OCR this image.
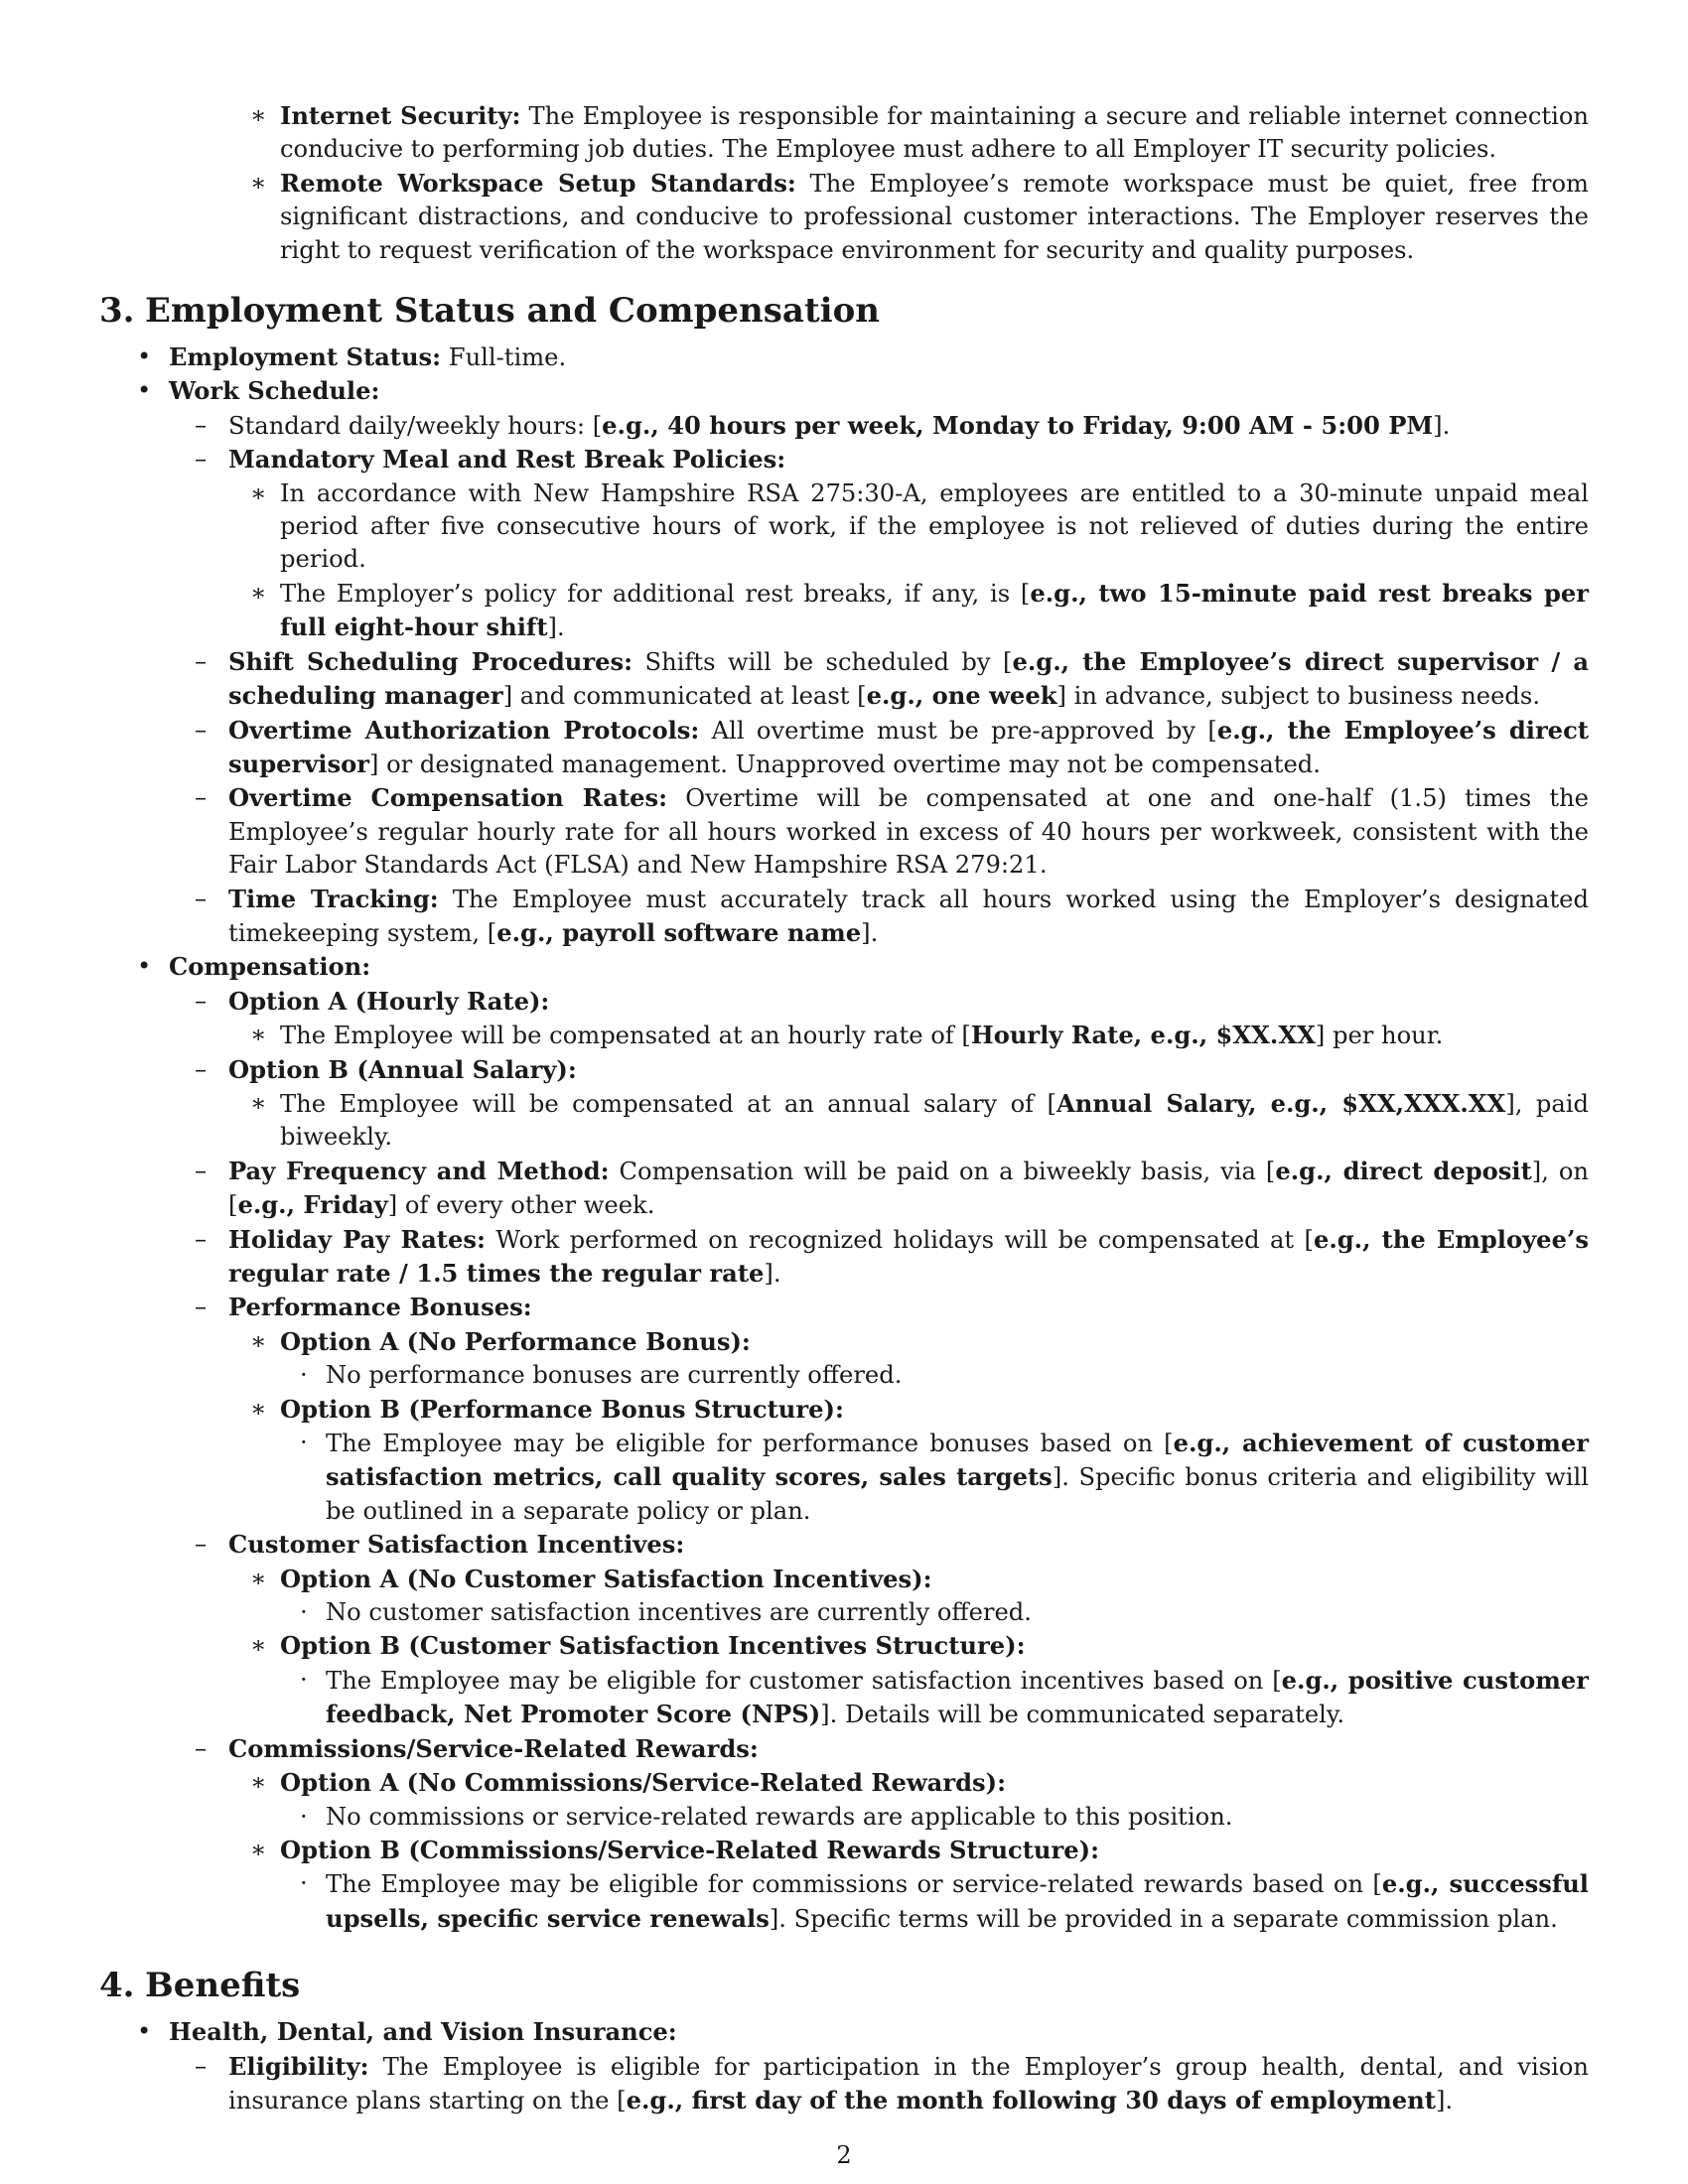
∗ Internet Security: The Employee is responsible for maintaining a secure and reliable internet connection conducive to performing job duties. The Employee must adhere to all Employer IT security policies.
∗ Remote Workspace Setup Standards: The Employee’s remote workspace must be quiet, free from significant distractions, and conducive to professional customer interactions. The Employer reserves the right to request verification of the workspace environment for security and quality purposes.
3. Employment Status and Compensation
• Employment Status: Full-time.
• Work Schedule:
– Standard daily/weekly hours: [e.g., 40 hours per week, Monday to Friday, 9:00 AM - 5:00 PM].
– Mandatory Meal and Rest Break Policies:
∗ In accordance with New Hampshire RSA 275:30-A, employees are entitled to a 30-minute unpaid meal period after five consecutive hours of work, if the employee is not relieved of duties during the entire period.
∗ The Employer’s policy for additional rest breaks, if any, is [e.g., two 15-minute paid rest breaks per full eight-hour shift].
– Shift Scheduling Procedures: Shifts will be scheduled by [e.g., the Employee’s direct supervisor / a scheduling manager] and communicated at least [e.g., one week] in advance, subject to business needs.
– Overtime Authorization Protocols: All overtime must be pre-approved by [e.g., the Employee’s direct supervisor] or designated management. Unapproved overtime may not be compensated.
– Overtime Compensation Rates: Overtime will be compensated at one and one-half (1.5) times the Employee’s regular hourly rate for all hours worked in excess of 40 hours per workweek, consistent with the Fair Labor Standards Act (FLSA) and New Hampshire RSA 279:21.
– Time Tracking: The Employee must accurately track all hours worked using the Employer’s designated timekeeping system, [e.g., payroll software name].
• Compensation:
– Option A (Hourly Rate):
∗ The Employee will be compensated at an hourly rate of [Hourly Rate, e.g., $XX.XX] per hour.
– Option B (Annual Salary):
∗ The Employee will be compensated at an annual salary of [Annual Salary, e.g., $XX,XXX.XX], paid biweekly.
– Pay Frequency and Method: Compensation will be paid on a biweekly basis, via [e.g., direct deposit], on [e.g., Friday] of every other week.
– Holiday Pay Rates: Work performed on recognized holidays will be compensated at [e.g., the Employee’s regular rate / 1.5 times the regular rate].
– Performance Bonuses:
∗ Option A (No Performance Bonus):
· No performance bonuses are currently offered.
∗ Option B (Performance Bonus Structure):
· The Employee may be eligible for performance bonuses based on [e.g., achievement of customer satisfaction metrics, call quality scores, sales targets]. Specific bonus criteria and eligibility will be outlined in a separate policy or plan.
– Customer Satisfaction Incentives:
∗ Option A (No Customer Satisfaction Incentives):
· No customer satisfaction incentives are currently offered.
∗ Option B (Customer Satisfaction Incentives Structure):
· The Employee may be eligible for customer satisfaction incentives based on [e.g., positive customer feedback, Net Promoter Score (NPS)]. Details will be communicated separately.
– Commissions/Service-Related Rewards:
∗ Option A (No Commissions/Service-Related Rewards):
· No commissions or service-related rewards are applicable to this position.
∗ Option B (Commissions/Service-Related Rewards Structure):
· The Employee may be eligible for commissions or service-related rewards based on [e.g., successful upsells, specific service renewals]. Specific terms will be provided in a separate commission plan.
4. Benefits
• Health, Dental, and Vision Insurance:
– Eligibility: The Employee is eligible for participation in the Employer’s group health, dental, and vision insurance plans starting on the [e.g., first day of the month following 30 days of employment].
2
